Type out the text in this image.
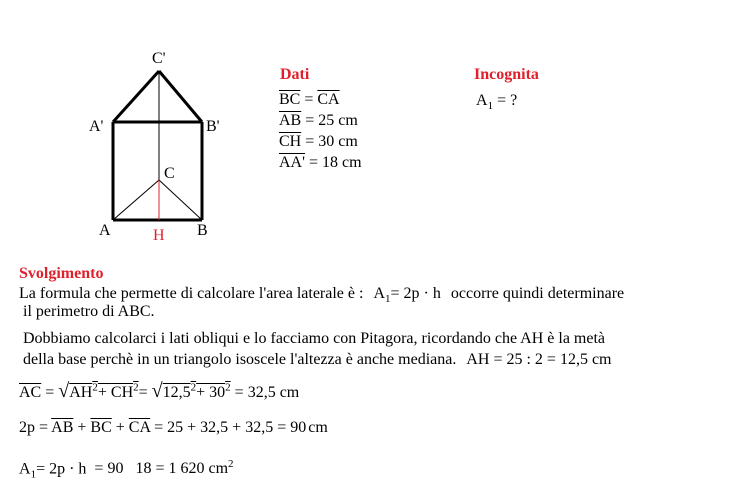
C'
A'	B'
C
A	H B
Dati
$\overline{BC} = \overline{CA}$
$\overline{AB} = 25$ cm
$\overline{CH} = 30$ cm
AA' = 18 cm
Incognita
$A_1$ = ?
Svolgimento
La formula che permette di calcolare l'area laterale è : $A_1= 2p \cdot h$ occorre quindi determinare
il perimetro di ABC.
Dobbiamo calcolarci i lati obliqui e lo facciamo con Pitagora, ricordando che AH è la metà
della base perchè in un triangolo isoscele l'altezza è anche mediana. AH = 25 : 2 = 12,5 cm
$\overline{AC} = √AH^2+ CH^2= √12,5^2+ 30^2 = 32,5$ cm
$2p = \overline{AB} + \overline{BC} + \overline{CA} = 25 + 32,5 + 32,5 = 90$ cm
$A_1= 2p \cdot h = 90$   18 = 1 620 $cm^2$
